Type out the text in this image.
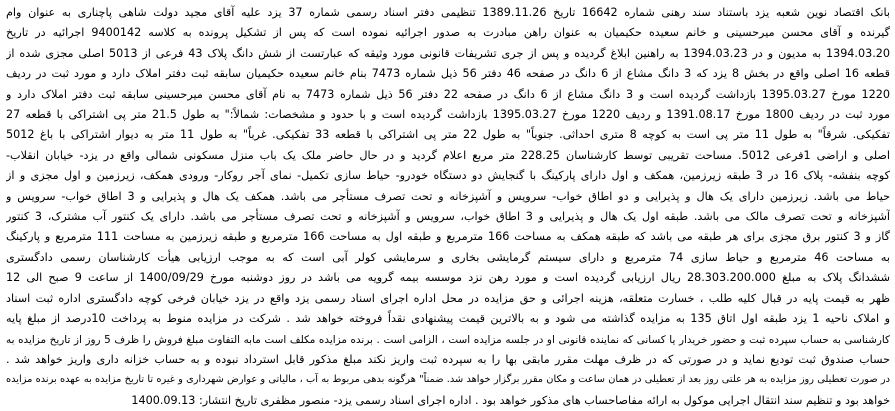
بانک اقتصاد نوین شعبه یزد باستناد سند رهنی شماره 16642 تاریخ 1389.11.26 تنظیمی دفتر اسناد رسمی شماره 37 یزد علیه آقای مجید دولت شاهی پاچناری به عنوان وام
گیرنده و آقای محسن میرحسینی و خانم سعیده حکیمیان به عنوان راهن مبادرت به صدور اجرائیه نموده است که پس از تشکیل پرونده به کلاسه 9400142 اجرائیه در تاریخ
1394.03.20 به مدیون و در 1394.03.23 به راهنین ابلاغ گردیده و پس از جری تشریفات قانونی مورد وثیقه که عبارتست از شش دانگ پلاک 43 فرعی از 5013 اصلی مجزی شده از
قطعه 16 اصلی واقع در بخش 8 یزد که 3 دانگ مشاع از 6 دانگ در صفحه 46 دفتر 56 ذیل شماره 7473 بنام خانم سعیده حکیمیان سابقه ثبت دفتر املاک دارد و مورد ثبت در ردیف
1220 مورخ 1395.03.27 بازداشت گردیده است و 3 دانگ مشاع از 6 دانگ در صفحه 22 دفتر 56 ذیل شماره 7473 به نام آقای محسن میرحسینی سابقه ثبت دفتر املاک دارد و
مورد ثبت در ردیف 1800 مورخ 1391.08.17 و ردیف 1220 مورخ 1395.03.27 بازداشت گردیده است و با حدود و مشخصات: شمالاً:" به طول 21.5 متر پی اشتراکی با قطعه 27
تفکیکی. شرقاً" به طول 11 متر پی است به کوچه 8 متری احداثی. جنوباً" به طول 22 متر پی اشتراکی با قطعه 33 تفکیکی. غرباً" به طول 11 متر به دیوار اشتراکی با باغ 5012
اصلی و اراضی 1فرعی 5012. مساحت تقریبی توسط کارشناسان 228.25 متر مربع اعلام گردید و در حال حاضر ملک یک باب منزل مسکونی شمالی واقع در یزد- خیابان انقلاب-
کوچه بنفشه- پلاک 16 در 3 طبقه زیرزمین، همکف و اول دارای پارکینگ با گنجایش دو دستگاه خودرو- حیاط سازی تکمیل- نمای آجر روکار- ورودی همکف، زیرزمین و اول مجزی و از
حیاط می باشد. زیرزمین دارای یک هال و پذیرایی و دو اطاق خواب- سرویس و آشپزخانه و تحت تصرف مستأجر می باشد. همکف یک هال و پذیرایی و 3 اطاق خواب- سرویس و
آشپزخانه و تحت تصرف مالک می باشد. طبقه اول یک هال و پذیرایی و 3 اطاق خواب، سرویس و آشپزخانه و تحت تصرف مستأجر می باشد. دارای یک کنتور آب مشترک، 3 کنتور
گاز و 3 کنتور برق مجزی برای هر طبقه می باشد که طبقه همکف به مساحت 166 مترمربع و طبقه اول به مساحت 166 مترمربع و طبقه زیرزمین به مساحت 111 مترمربع و پارکینگ
به مساحت 46 مترمربع و حیاط سازی 74 مترمربع و دارای سیستم گرمایشی بخاری و سرمایشی کولر آبی است که به موجب ارزیابی هیأت کارشناسان رسمی دادگستری
ششدانگ پلاک به مبلغ 28.303.200.000 ریال ارزیابی گردیده است و مورد رهن نزد موسسه بیمه گرویه می باشد در روز دوشنبه مورخ 1400/09/29 از ساعت 9 صبح الی 12
ظهر به قیمت پایه در قبال کلیه طلب ، خسارت متعلقه، هزینه اجرائی و حق مزایده در محل اداره اجرای اسناد رسمی یزد واقع در یزد خیابان فرخی کوچه دادگستری اداره ثبت اسناد
و املاک ناحیه 1 یزد طبقه اول اتاق 135 به مزایده گذاشته می شود و به بالاترین قیمت پیشنهادی نقداً فروخته خواهد شد . شرکت در مزایده منوط به پرداخت 10درصد از مبلغ پایه
کارشناسی به حساب سپرده ثبت و حضور خریدار یا کسانی که نماینده قانونی او در جلسه مزایده است ، الزامی است . برنده مزایده مکلف است مابه التفاوت مبلغ فروش را ظرف 5 روز از تاریخ مزایده به
حساب صندوق ثبت تودیع نماید و در صورتی که در ظرف مهلت مقرر مابقی بها را به سپرده ثبت واریز نکند مبلغ مذکور قابل استرداد نبوده و به حساب خزانه داری واریز خواهد شد .
در صورت تعطیلی روز مزایده به هر علتی روز بعد از تعطیلی در همان ساعت و مکان مقرر برگزار خواهد شد. ضمناً" هرگونه بدهی مربوط به آب ، مالیاتی و عوارض شهرداری و غیره تا تاریخ مزایده به عهده برنده مزایده
خواهد بود و تنظیم سند انتقال اجرایی موکول به ارائه مفاصاحساب های مذکور خواهد بود . اداره اجرای اسناد رسمی یزد- منصور مظفری تاریخ انتشار: 1400.09.13
